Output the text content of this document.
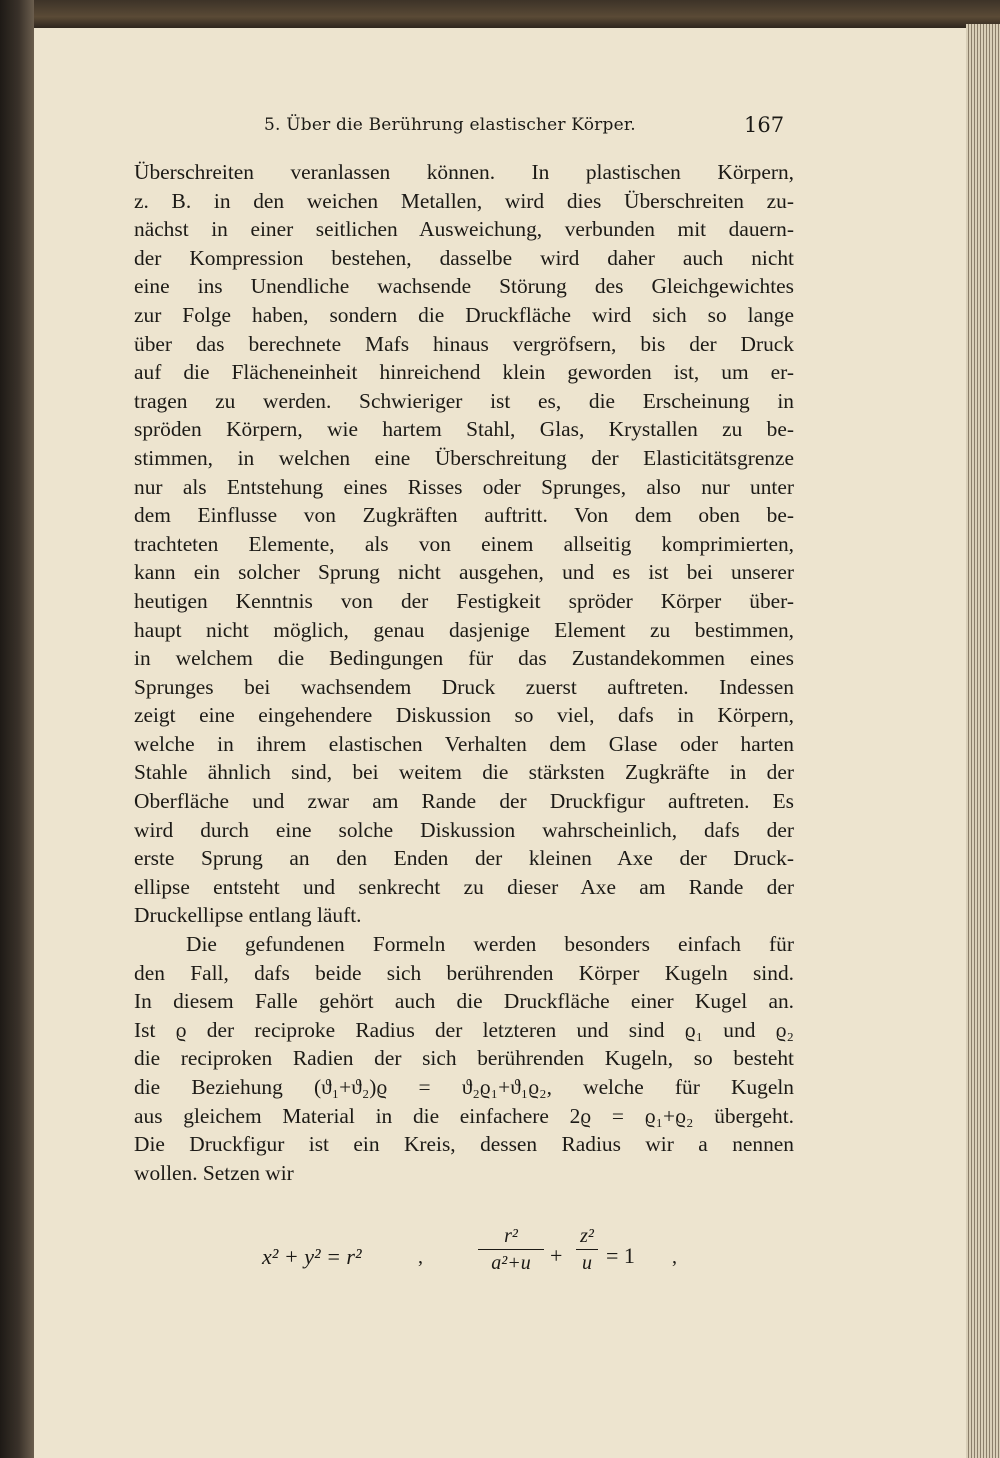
5. Über die Berührung elastischer Körper.	167
Überschreiten veranlassen können. In plastischen Körpern,
z. B. in den weichen Metallen, wird dies Überschreiten zu-
nächst in einer seitlichen Ausweichung, verbunden mit dauern-
der Kompression bestehen, dasselbe wird daher auch nicht
eine ins Unendliche wachsende Störung des Gleichgewichtes
zur Folge haben, sondern die Druckfläche wird sich so lange
über das berechnete Mafs hinaus vergröfsern, bis der Druck
auf die Flächeneinheit hinreichend klein geworden ist, um er-
tragen zu werden. Schwieriger ist es, die Erscheinung in
spröden Körpern, wie hartem Stahl, Glas, Krystallen zu be-
stimmen, in welchen eine Überschreitung der Elasticitätsgrenze
nur als Entstehung eines Risses oder Sprunges, also nur unter
dem Einflusse von Zugkräften auftritt. Von dem oben be-
trachteten Elemente, als von einem allseitig komprimierten,
kann ein solcher Sprung nicht ausgehen, und es ist bei unserer
heutigen Kenntnis von der Festigkeit spröder Körper über-
haupt nicht möglich, genau dasjenige Element zu bestimmen,
in welchem die Bedingungen für das Zustandekommen eines
Sprunges bei wachsendem Druck zuerst auftreten. Indessen
zeigt eine eingehendere Diskussion so viel, dafs in Körpern,
welche in ihrem elastischen Verhalten dem Glase oder harten
Stahle ähnlich sind, bei weitem die stärksten Zugkräfte in der
Oberfläche und zwar am Rande der Druckfigur auftreten. Es
wird durch eine solche Diskussion wahrscheinlich, dafs der
erste Sprung an den Enden der kleinen Axe der Druck-
ellipse entsteht und senkrecht zu dieser Axe am Rande der
Druckellipse entlang läuft.
Die gefundenen Formeln werden besonders einfach für
den Fall, dafs beide sich berührenden Körper Kugeln sind.
In diesem Falle gehört auch die Druckfläche einer Kugel an.
Ist ϱ der reciproke Radius der letzteren und sind ϱ₁ und ϱ₂
die reciproken Radien der sich berührenden Kugeln, so besteht
die Beziehung (ϑ₁+ϑ₂)ϱ = ϑ₂ϱ₁+ϑ₁ϱ₂, welche für Kugeln
aus gleichem Material in die einfachere 2ϱ = ϱ₁+ϱ₂ übergeht.
Die Druckfigur ist ein Kreis, dessen Radius wir a nennen
wollen. Setzen wir
x² + y² = r²	,
r²
a²+u +
z²
u = 1 ,
